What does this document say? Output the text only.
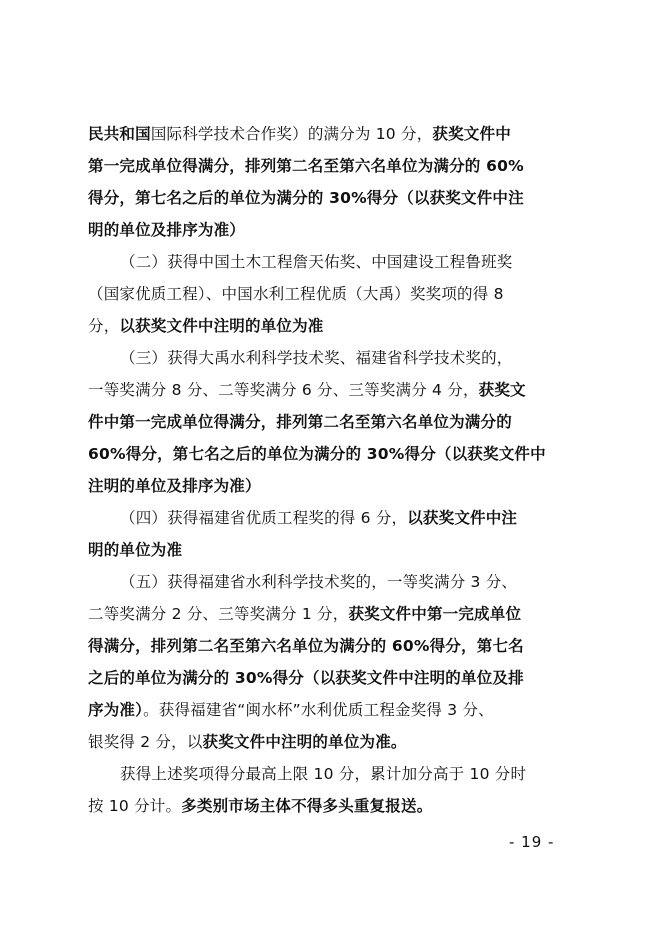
民共和国国际科学技术合作奖）的满分为 10 分，获奖文件中
第一完成单位得满分，排列第二名至第六名单位为满分的 60%
得分，第七名之后的单位为满分的 30%得分（以获奖文件中注
明的单位及排序为准）
（二）获得中国土木工程詹天佑奖、中国建设工程鲁班奖
（国家优质工程）、中国水利工程优质（大禹）奖奖项的得 8
分，以获奖文件中注明的单位为准
（三）获得大禹水利科学技术奖、福建省科学技术奖的，
一等奖满分 8 分、二等奖满分 6 分、三等奖满分 4 分，获奖文
件中第一完成单位得满分，排列第二名至第六名单位为满分的
60%得分，第七名之后的单位为满分的 30%得分（以获奖文件中
注明的单位及排序为准）
（四）获得福建省优质工程奖的得 6 分，以获奖文件中注
明的单位为准
（五）获得福建省水利科学技术奖的，一等奖满分 3 分、
二等奖满分 2 分、三等奖满分 1 分，获奖文件中第一完成单位
得满分，排列第二名至第六名单位为满分的 60%得分，第七名
之后的单位为满分的 30%得分（以获奖文件中注明的单位及排
序为准）。获得福建省“闽水杯”水利优质工程金奖得 3 分、
银奖得 2 分，以获奖文件中注明的单位为准。
获得上述奖项得分最高上限 10 分，累计加分高于 10 分时
按 10 分计。多类别市场主体不得多头重复报送。
- 19 -
